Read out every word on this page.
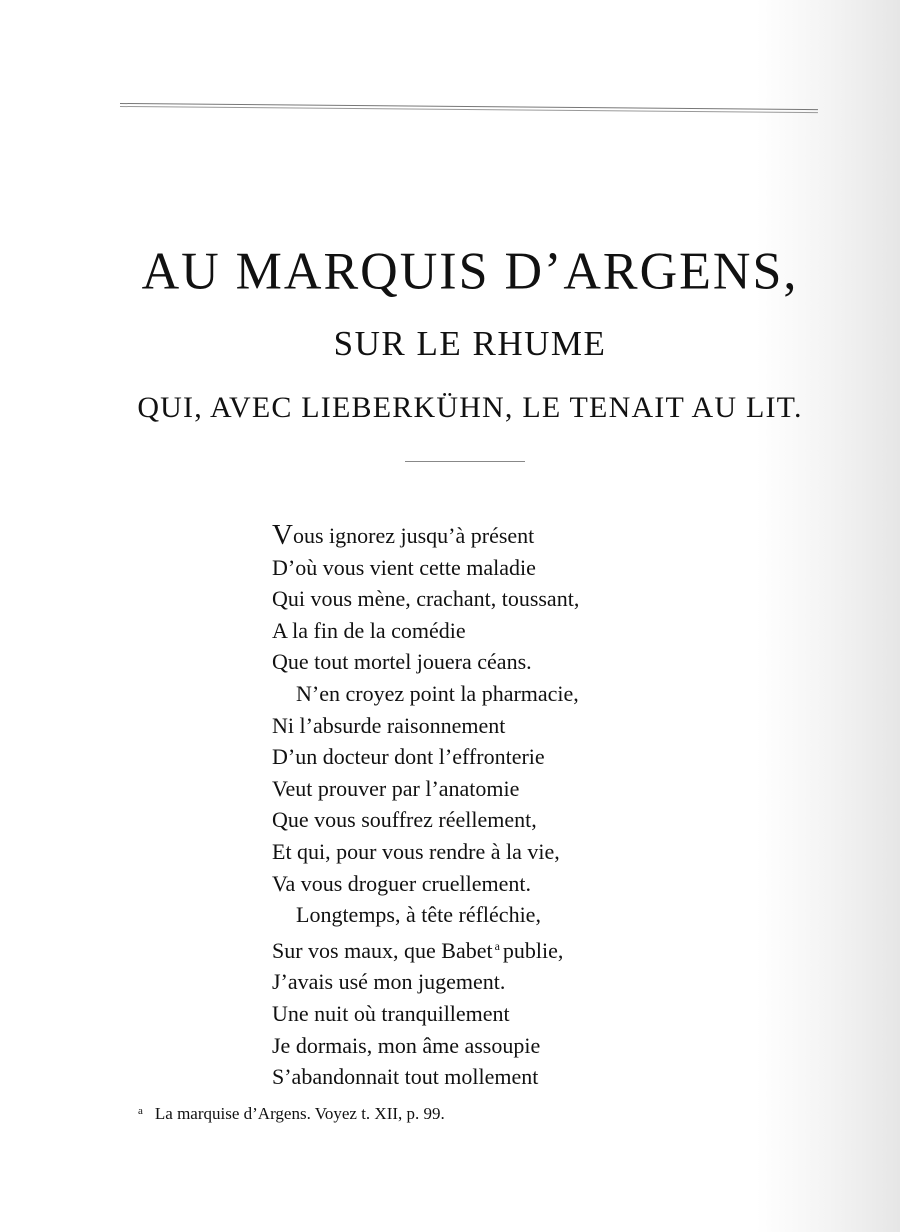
AU MARQUIS D’ARGENS,
SUR LE RHUME
QUI, AVEC LIEBERKÜHN, LE TENAIT AU LIT.
Vous ignorez jusqu’à présent
D’où vous vient cette maladie
Qui vous mène, crachant, toussant,
A la fin de la comédie
Que tout mortel jouera céans.
N’en croyez point la pharmacie,
Ni l’absurde raisonnement
D’un docteur dont l’effronterie
Veut prouver par l’anatomie
Que vous souffrez réellement,
Et qui, pour vous rendre à la vie,
Va vous droguer cruellement.
Longtemps, à tête réfléchie,
Sur vos maux, que Babet $^a$ publie,
J’avais usé mon jugement.
Une nuit où tranquillement
Je dormais, mon âme assoupie
S’abandonnait tout mollement
$^a$ La marquise d’Argens. Voyez t. XII, p. 99.
